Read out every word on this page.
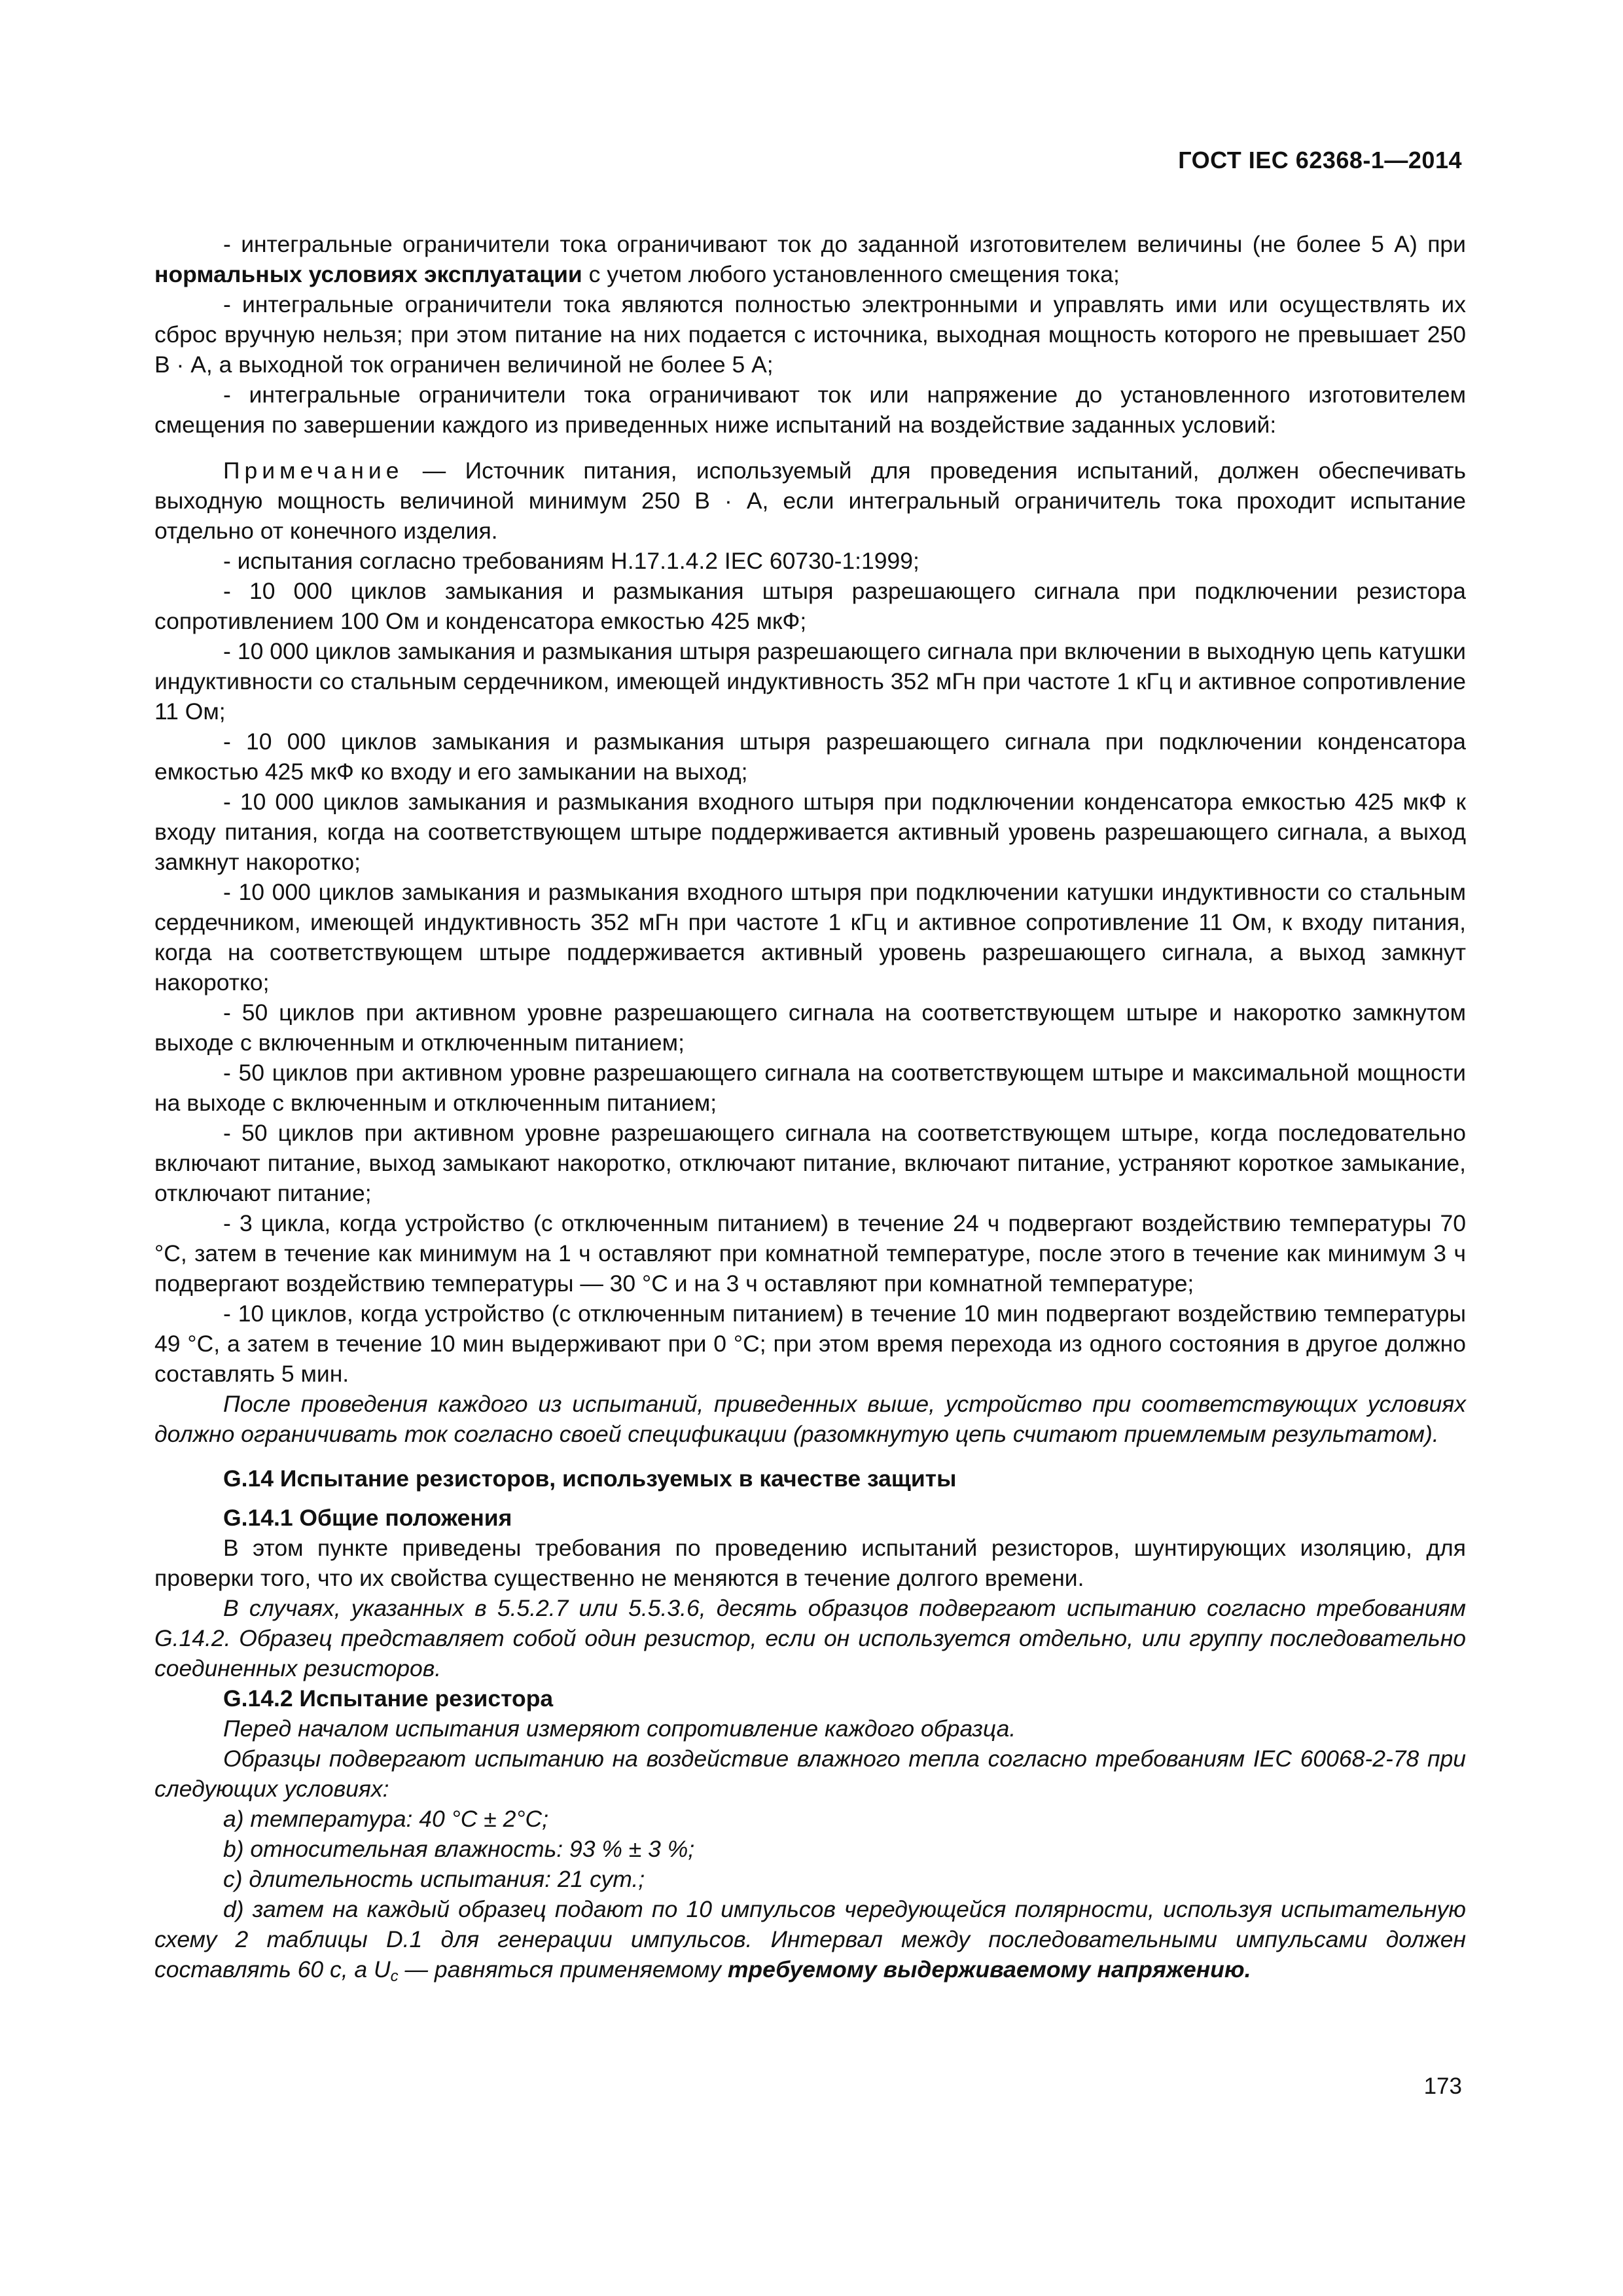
ГОСТ IEC 62368-1—2014

- интегральные ограничители тока ограничивают ток до заданной изготовителем величины (не более 5 А) при нормальных условиях эксплуатации с учетом любого установленного смещения тока;

- интегральные ограничители тока являются полностью электронными и управлять ими или осуществлять их сброс вручную нельзя; при этом питание на них подается с источника, выходная мощность которого не превышает 250 В · А, а выходной ток ограничен величиной не более 5 А;

- интегральные ограничители тока ограничивают ток или напряжение до установленного изготовителем смещения по завершении каждого из приведенных ниже испытаний на воздействие заданных условий:

Примечание — Источник питания, используемый для проведения испытаний, должен обеспечивать выходную мощность величиной минимум 250 В · А, если интегральный ограничитель тока проходит испытание отдельно от конечного изделия.

- испытания согласно требованиям Н.17.1.4.2 IEC 60730-1:1999;

- 10 000 циклов замыкания и размыкания штыря разрешающего сигнала при подключении резистора сопротивлением 100 Ом и конденсатора емкостью 425 мкФ;

- 10 000 циклов замыкания и размыкания штыря разрешающего сигнала при включении в выходную цепь катушки индуктивности со стальным сердечником, имеющей индуктивность 352 мГн при частоте 1 кГц и активное сопротивление 11 Ом;

- 10 000 циклов замыкания и размыкания штыря разрешающего сигнала при подключении конденсатора емкостью 425 мкФ ко входу и его замыкании на выход;

- 10 000 циклов замыкания и размыкания входного штыря при подключении конденсатора емкостью 425 мкФ к входу питания, когда на соответствующем штыре поддерживается активный уровень разрешающего сигнала, а выход замкнут накоротко;

- 10 000 циклов замыкания и размыкания входного штыря при подключении катушки индуктивности со стальным сердечником, имеющей индуктивность 352 мГн при частоте 1 кГц и активное сопротивление 11 Ом, к входу питания, когда на соответствующем штыре поддерживается активный уровень разрешающего сигнала, а выход замкнут накоротко;

- 50 циклов при активном уровне разрешающего сигнала на соответствующем штыре и накоротко замкнутом выходе с включенным и отключенным питанием;

- 50 циклов при активном уровне разрешающего сигнала на соответствующем штыре и максимальной мощности на выходе с включенным и отключенным питанием;

- 50 циклов при активном уровне разрешающего сигнала на соответствующем штыре, когда последовательно включают питание, выход замыкают накоротко, отключают питание, включают питание, устраняют короткое замыкание, отключают питание;

- 3 цикла, когда устройство (с отключенным питанием) в течение 24 ч подвергают воздействию температуры 70 °С, затем в течение как минимум на 1 ч оставляют при комнатной температуре, после этого в течение как минимум 3 ч подвергают воздействию температуры — 30 °С и на 3 ч оставляют при комнатной температуре;

- 10 циклов, когда устройство (с отключенным питанием) в течение 10 мин подвергают воздействию температуры 49 °С, а затем в течение 10 мин выдерживают при 0 °С; при этом время перехода из одного состояния в другое должно составлять 5 мин.

После проведения каждого из испытаний, приведенных выше, устройство при соответствующих условиях должно ограничивать ток согласно своей спецификации (разомкнутую цепь считают приемлемым результатом).

G.14 Испытание резисторов, используемых в качестве защиты

G.14.1 Общие положения

В этом пункте приведены требования по проведению испытаний резисторов, шунтирующих изоляцию, для проверки того, что их свойства существенно не меняются в течение долгого времени.

В случаях, указанных в 5.5.2.7 или 5.5.3.6, десять образцов подвергают испытанию согласно требованиям G.14.2. Образец представляет собой один резистор, если он используется отдельно, или группу последовательно соединенных резисторов.

G.14.2 Испытание резистора

Перед началом испытания измеряют сопротивление каждого образца.

Образцы подвергают испытанию на воздействие влажного тепла согласно требованиям IEC 60068-2-78 при следующих условиях:

a) температура: 40 °C ± 2°C;

b) относительная влажность: 93 % ± 3 %;

c) длительность испытания: 21 сут.;

d) затем на каждый образец подают по 10 импульсов чередующейся полярности, используя испытательную схему 2 таблицы D.1 для генерации импульсов. Интервал между последовательными импульсами должен составлять 60 с, а $U_c$ — равняться применяемому требуемому выдерживаемому напряжению.

173
